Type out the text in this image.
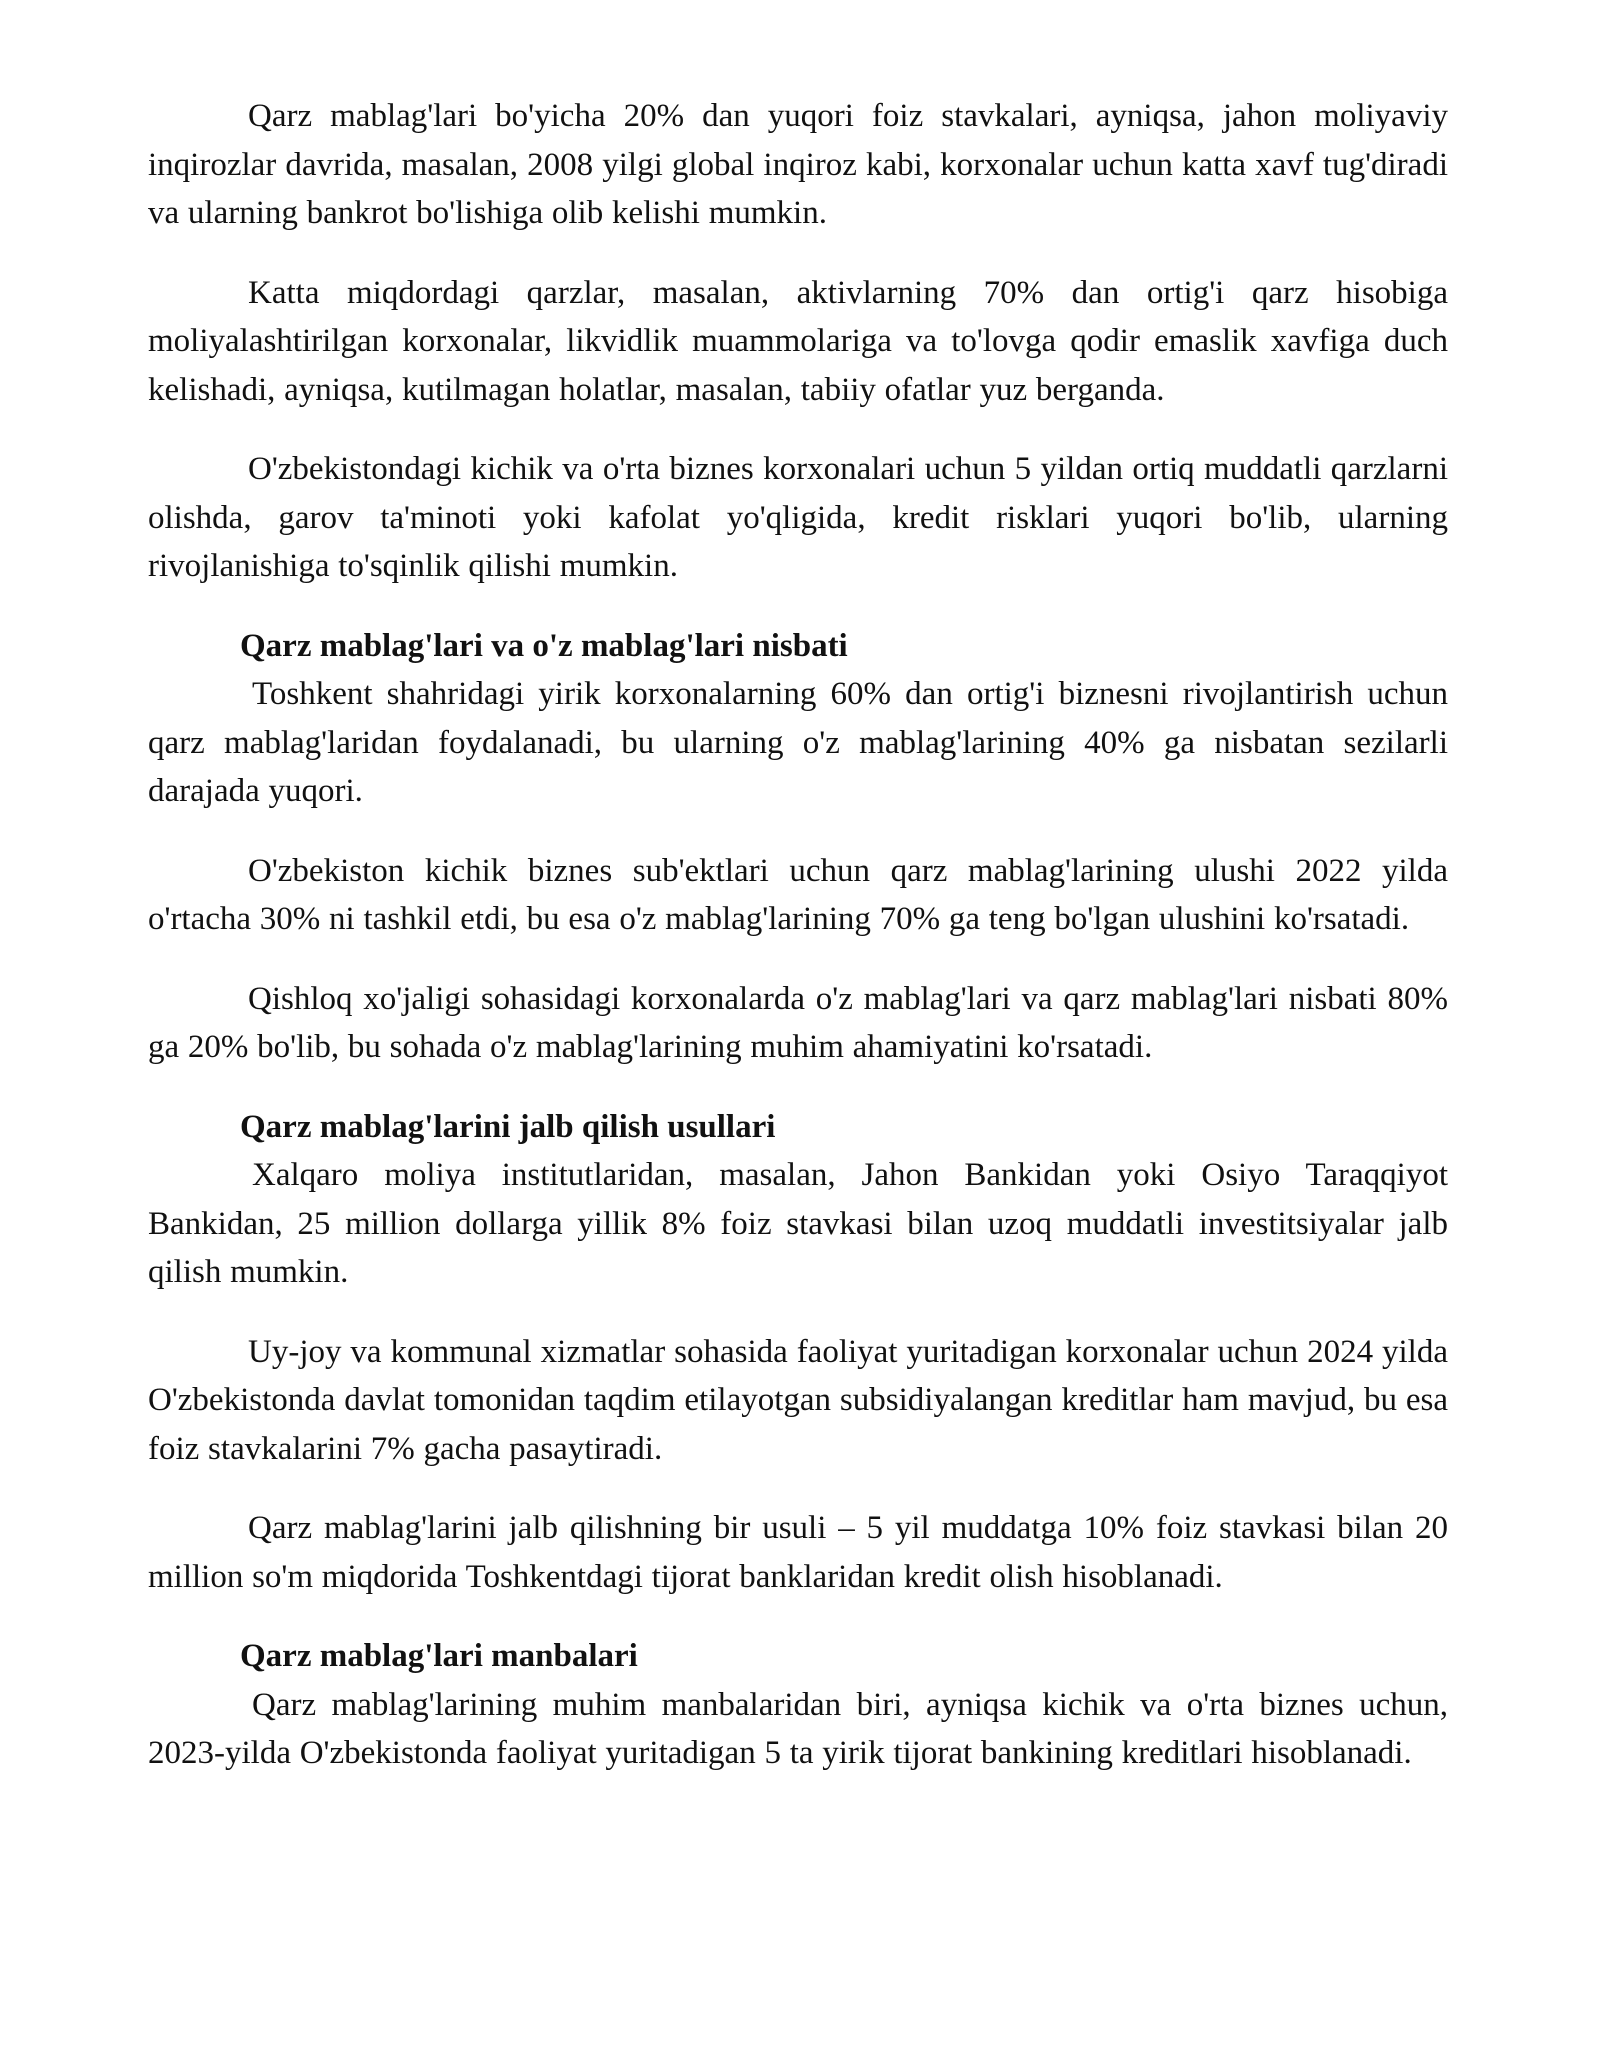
Qarz mablag'lari bo'yicha 20% dan yuqori foiz stavkalari, ayniqsa, jahon moliyaviy inqirozlar davrida, masalan, 2008 yilgi global inqiroz kabi, korxonalar uchun katta xavf tug'diradi va ularning bankrot bo'lishiga olib kelishi mumkin.

Katta miqdordagi qarzlar, masalan, aktivlarning 70% dan ortig'i qarz hisobiga moliyalashtirilgan korxonalar, likvidlik muammolariga va to'lovga qodir emaslik xavfiga duch kelishadi, ayniqsa, kutilmagan holatlar, masalan, tabiiy ofatlar yuz berganda.

O'zbekistondagi kichik va o'rta biznes korxonalari uchun 5 yildan ortiq muddatli qarzlarni olishda, garov ta'minoti yoki kafolat yo'qligida, kredit risklari yuqori bo'lib, ularning rivojlanishiga to'sqinlik qilishi mumkin.

Qarz mablag'lari va o'z mablag'lari nisbati

Toshkent shahridagi yirik korxonalarning 60% dan ortig'i biznesni rivojlantirish uchun qarz mablag'laridan foydalanadi, bu ularning o'z mablag'larining 40% ga nisbatan sezilarli darajada yuqori.

O'zbekiston kichik biznes sub'ektlari uchun qarz mablag'larining ulushi 2022 yilda o'rtacha 30% ni tashkil etdi, bu esa o'z mablag'larining 70% ga teng bo'lgan ulushini ko'rsatadi.

Qishloq xo'jaligi sohasidagi korxonalarda o'z mablag'lari va qarz mablag'lari nisbati 80% ga 20% bo'lib, bu sohada o'z mablag'larining muhim ahamiyatini ko'rsatadi.

Qarz mablag'larini jalb qilish usullari

Xalqaro moliya institutlaridan, masalan, Jahon Bankidan yoki Osiyo Taraqqiyot Bankidan, 25 million dollarga yillik 8% foiz stavkasi bilan uzoq muddatli investitsiyalar jalb qilish mumkin.

Uy-joy va kommunal xizmatlar sohasida faoliyat yuritadigan korxonalar uchun 2024 yilda O'zbekistonda davlat tomonidan taqdim etilayotgan subsidiyalangan kreditlar ham mavjud, bu esa foiz stavkalarini 7% gacha pasaytiradi.

Qarz mablag'larini jalb qilishning bir usuli – 5 yil muddatga 10% foiz stavkasi bilan 20 million so'm miqdorida Toshkentdagi tijorat banklaridan kredit olish hisoblanadi.

Qarz mablag'lari manbalari

Qarz mablag'larining muhim manbalaridan biri, ayniqsa kichik va o'rta biznes uchun, 2023-yilda O'zbekistonda faoliyat yuritadigan 5 ta yirik tijorat bankining kreditlari hisoblanadi.
